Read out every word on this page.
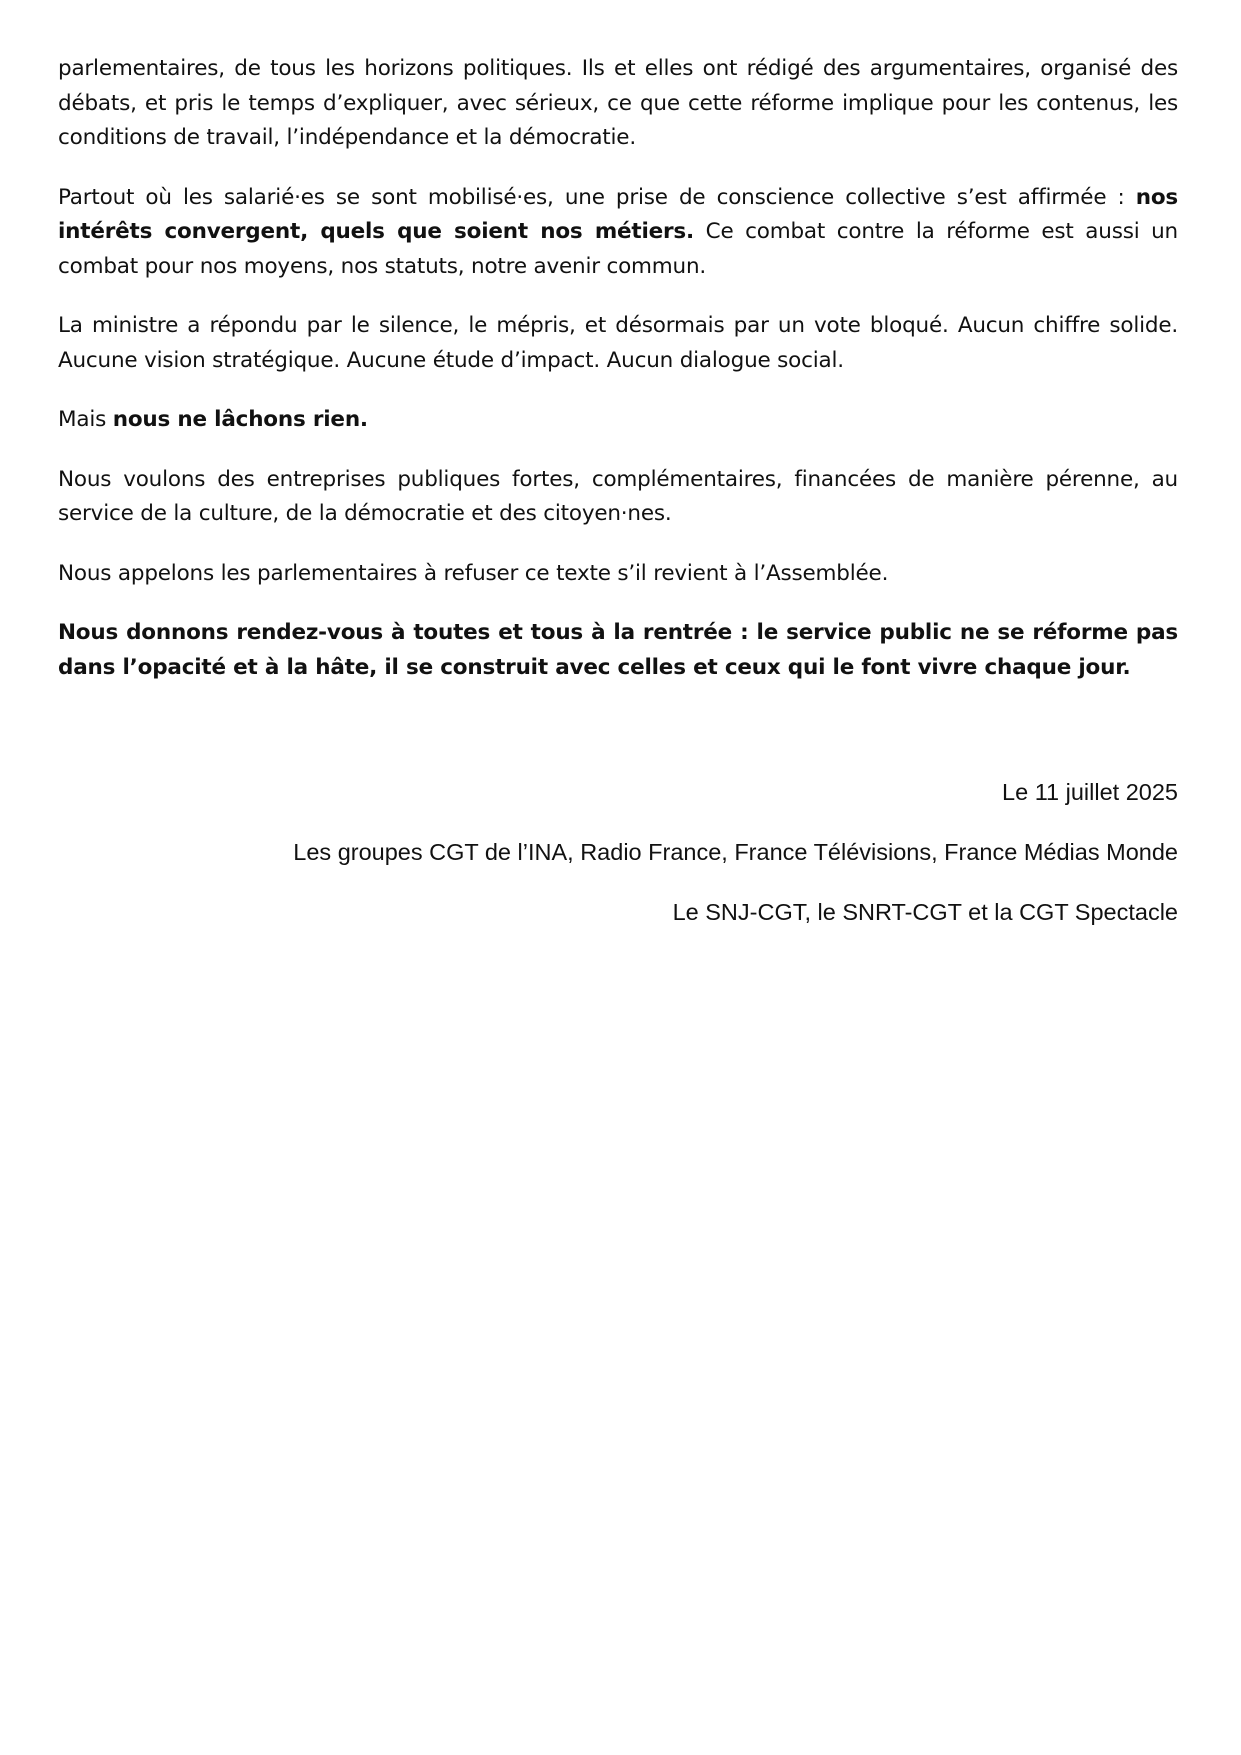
parlementaires, de tous les horizons politiques. Ils et elles ont rédigé des argumentaires, organisé des débats, et pris le temps d’expliquer, avec sérieux, ce que cette réforme implique pour les contenus, les conditions de travail, l’indépendance et la démocratie.

Partout où les salarié·es se sont mobilisé·es, une prise de conscience collective s’est affirmée : nos intérêts convergent, quels que soient nos métiers. Ce combat contre la réforme est aussi un combat pour nos moyens, nos statuts, notre avenir commun.

La ministre a répondu par le silence, le mépris, et désormais par un vote bloqué. Aucun chiffre solide. Aucune vision stratégique. Aucune étude d’impact. Aucun dialogue social.

Mais nous ne lâchons rien.

Nous voulons des entreprises publiques fortes, complémentaires, financées de manière pérenne, au service de la culture, de la démocratie et des citoyen·nes.

Nous appelons les parlementaires à refuser ce texte s’il revient à l’Assemblée.

Nous donnons rendez-vous à toutes et tous à la rentrée : le service public ne se réforme pas dans l’opacité et à la hâte, il se construit avec celles et ceux qui le font vivre chaque jour.

Le 11 juillet 2025
Les groupes CGT de l’INA, Radio France, France Télévisions, France Médias Monde
Le SNJ-CGT, le SNRT-CGT et la CGT Spectacle
